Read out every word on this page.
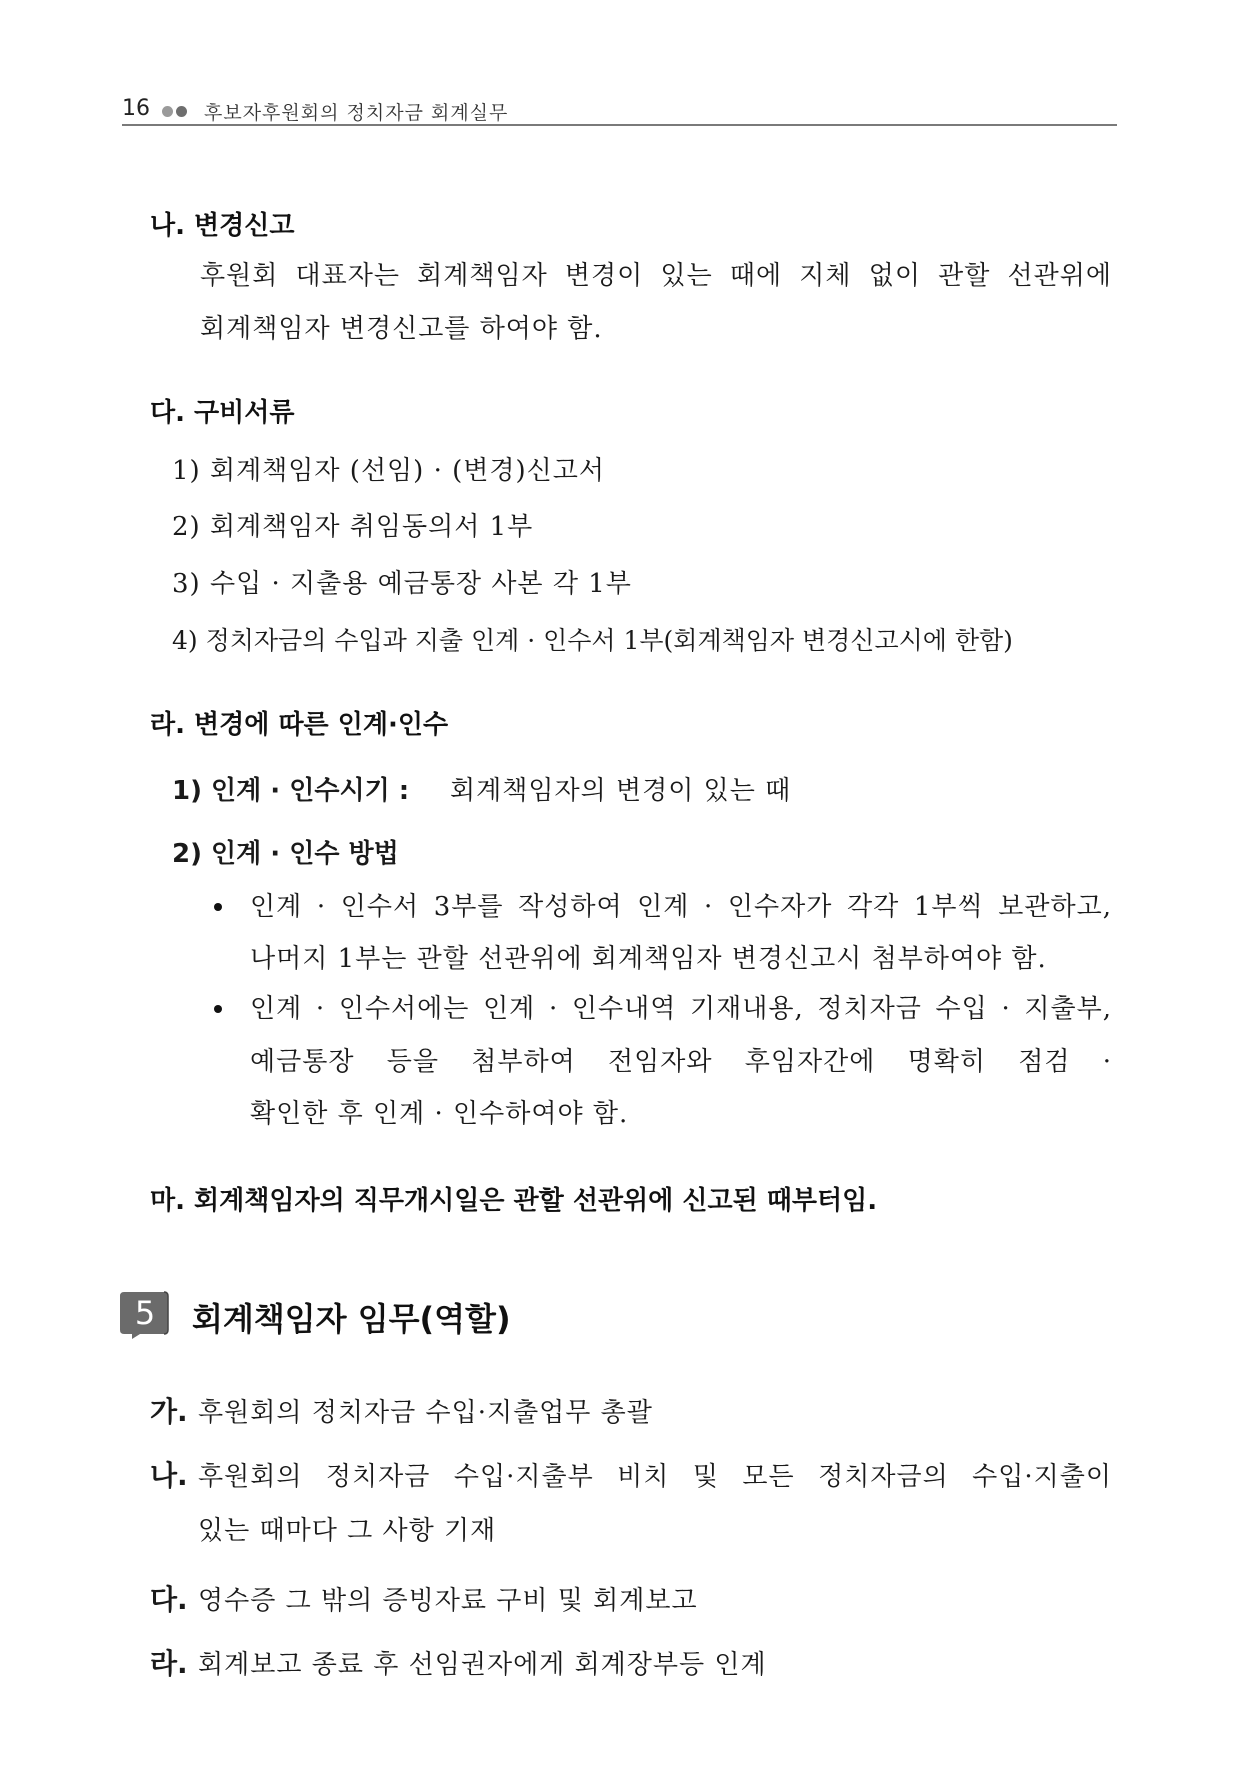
16	후보자후원회의 정치자금 회계실무
나. 변경신고
후원회 대표자는 회계책임자 변경이 있는 때에 지체 없이 관할 선관위에
회계책임자 변경신고를 하여야 함.
다. 구비서류
1) 회계책임자 (선임) · (변경)신고서
2) 회계책임자 취임동의서 1부
3) 수입 · 지출용 예금통장 사본 각 1부
4) 정치자금의 수입과 지출 인계 · 인수서 1부(회계책임자 변경신고시에 한함)
라. 변경에 따른 인계·인수
1) 인계 · 인수시기 : 회계책임자의 변경이 있는 때
2) 인계 · 인수 방법
인계 · 인수서 3부를 작성하여 인계 · 인수자가 각각 1부씩 보관하고,
나머지 1부는 관할 선관위에 회계책임자 변경신고시 첨부하여야 함.
인계 · 인수서에는 인계 · 인수내역 기재내용, 정치자금 수입 · 지출부,
예금통장 등을 첨부하여 전임자와 후임자간에 명확히 점검 ·
확인한 후 인계 · 인수하여야 함.
마. 회계책임자의 직무개시일은 관할 선관위에 신고된 때부터임.
5 회계책임자 임무(역할)
가. 후원회의 정치자금 수입·지출업무 총괄
나. 후원회의 정치자금 수입·지출부 비치 및 모든 정치자금의 수입·지출이
있는 때마다 그 사항 기재
다. 영수증 그 밖의 증빙자료 구비 및 회계보고
라. 회계보고 종료 후 선임권자에게 회계장부등 인계
